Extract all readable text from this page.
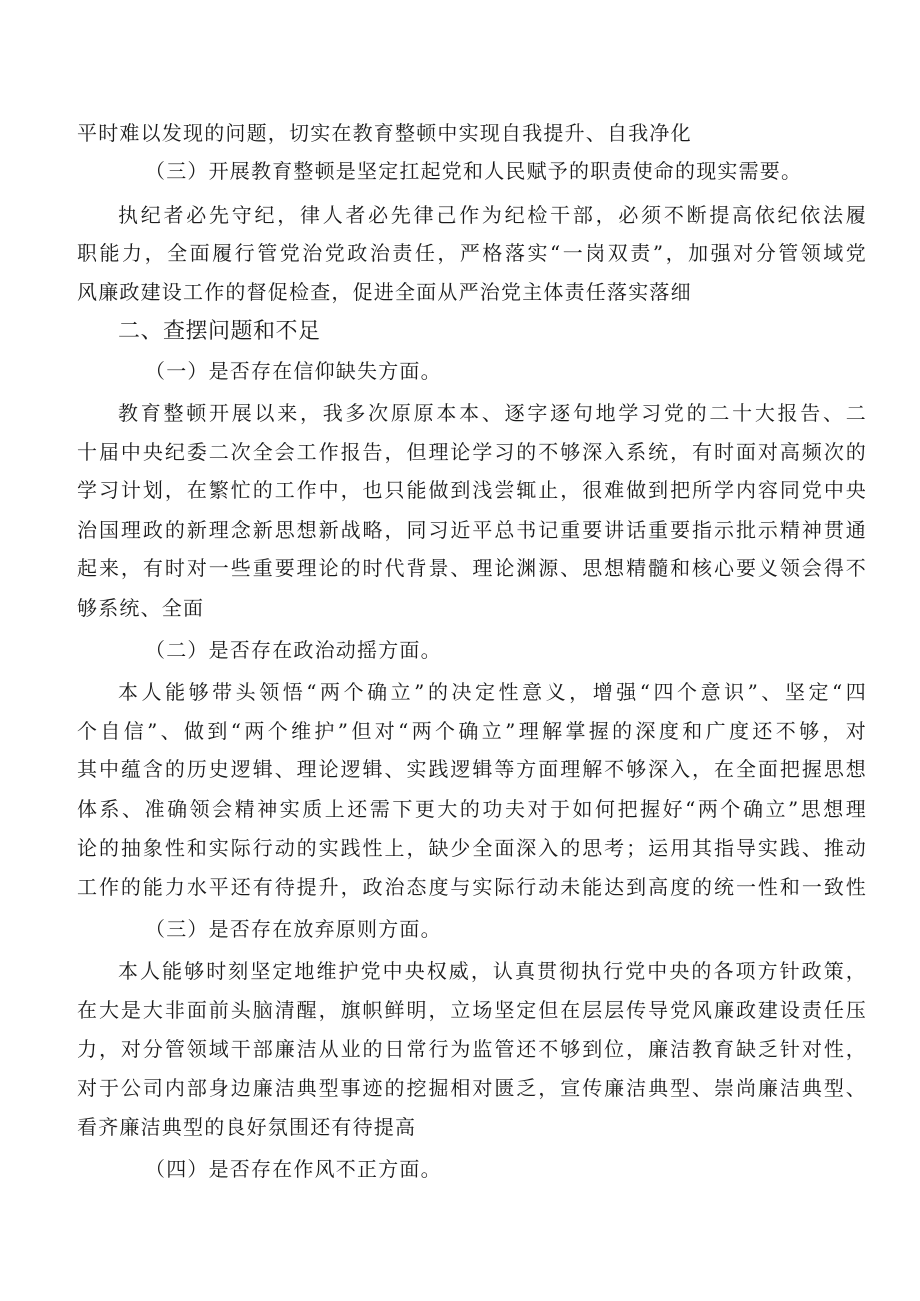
平时难以发现的问题，切实在教育整顿中实现自我提升、自我净化
（三）开展教育整顿是坚定扛起党和人民赋予的职责使命的现实需要。
执纪者必先守纪，律人者必先律己作为纪检干部，必须不断提高依纪依法履
职能力，全面履行管党治党政治责任，严格落实“一岗双责”，加强对分管领域党
风廉政建设工作的督促检查，促进全面从严治党主体责任落实落细
二、查摆问题和不足
（一）是否存在信仰缺失方面。
教育整顿开展以来，我多次原原本本、逐字逐句地学习党的二十大报告、二
十届中央纪委二次全会工作报告，但理论学习的不够深入系统，有时面对高频次的
学习计划，在繁忙的工作中，也只能做到浅尝辄止，很难做到把所学内容同党中央
治国理政的新理念新思想新战略，同习近平总书记重要讲话重要指示批示精神贯通
起来，有时对一些重要理论的时代背景、理论渊源、思想精髓和核心要义领会得不
够系统、全面
（二）是否存在政治动摇方面。
本人能够带头领悟“两个确立”的决定性意义，增强“四个意识”、坚定“四
个自信”、做到“两个维护”但对“两个确立”理解掌握的深度和广度还不够，对
其中蕴含的历史逻辑、理论逻辑、实践逻辑等方面理解不够深入，在全面把握思想
体系、准确领会精神实质上还需下更大的功夫对于如何把握好“两个确立”思想理
论的抽象性和实际行动的实践性上，缺少全面深入的思考；运用其指导实践、推动
工作的能力水平还有待提升，政治态度与实际行动未能达到高度的统一性和一致性
（三）是否存在放弃原则方面。
本人能够时刻坚定地维护党中央权威，认真贯彻执行党中央的各项方针政策，
在大是大非面前头脑清醒，旗帜鲜明，立场坚定但在层层传导党风廉政建设责任压
力，对分管领域干部廉洁从业的日常行为监管还不够到位，廉洁教育缺乏针对性，
对于公司内部身边廉洁典型事迹的挖掘相对匮乏，宣传廉洁典型、崇尚廉洁典型、
看齐廉洁典型的良好氛围还有待提高
（四）是否存在作风不正方面。
